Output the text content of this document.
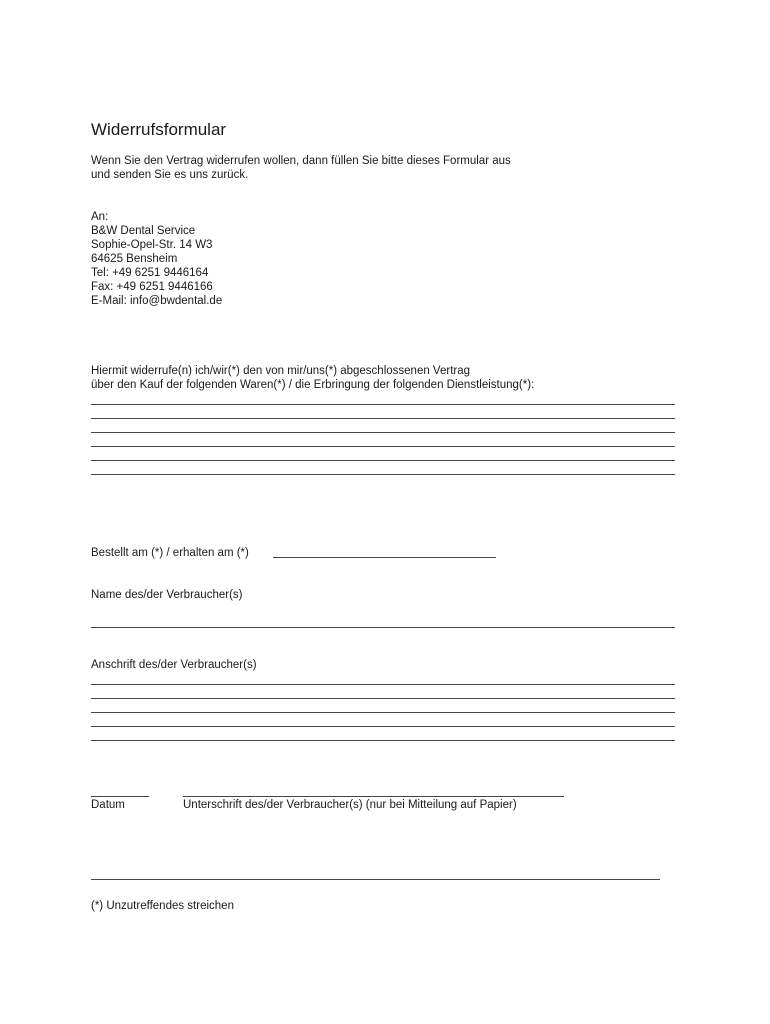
Widerrufsformular
Wenn Sie den Vertrag widerrufen wollen, dann füllen Sie bitte dieses Formular aus
und senden Sie es uns zurück.
An:
B&W Dental Service
Sophie-Opel-Str. 14 W3
64625 Bensheim
Tel: +49 6251 9446164
Fax: +49 6251 9446166
E-Mail: info@bwdental.de
Hiermit widerrufe(n) ich/wir(*) den von mir/uns(*) abgeschlossenen Vertrag
über den Kauf der folgenden Waren(*) / die Erbringung der folgenden Dienstleistung(*):
Bestellt am (*) / erhalten am (*)
Name des/der Verbraucher(s)
Anschrift des/der Verbraucher(s)
Datum	Unterschrift des/der Verbraucher(s) (nur bei Mitteilung auf Papier)
(*) Unzutreffendes streichen
